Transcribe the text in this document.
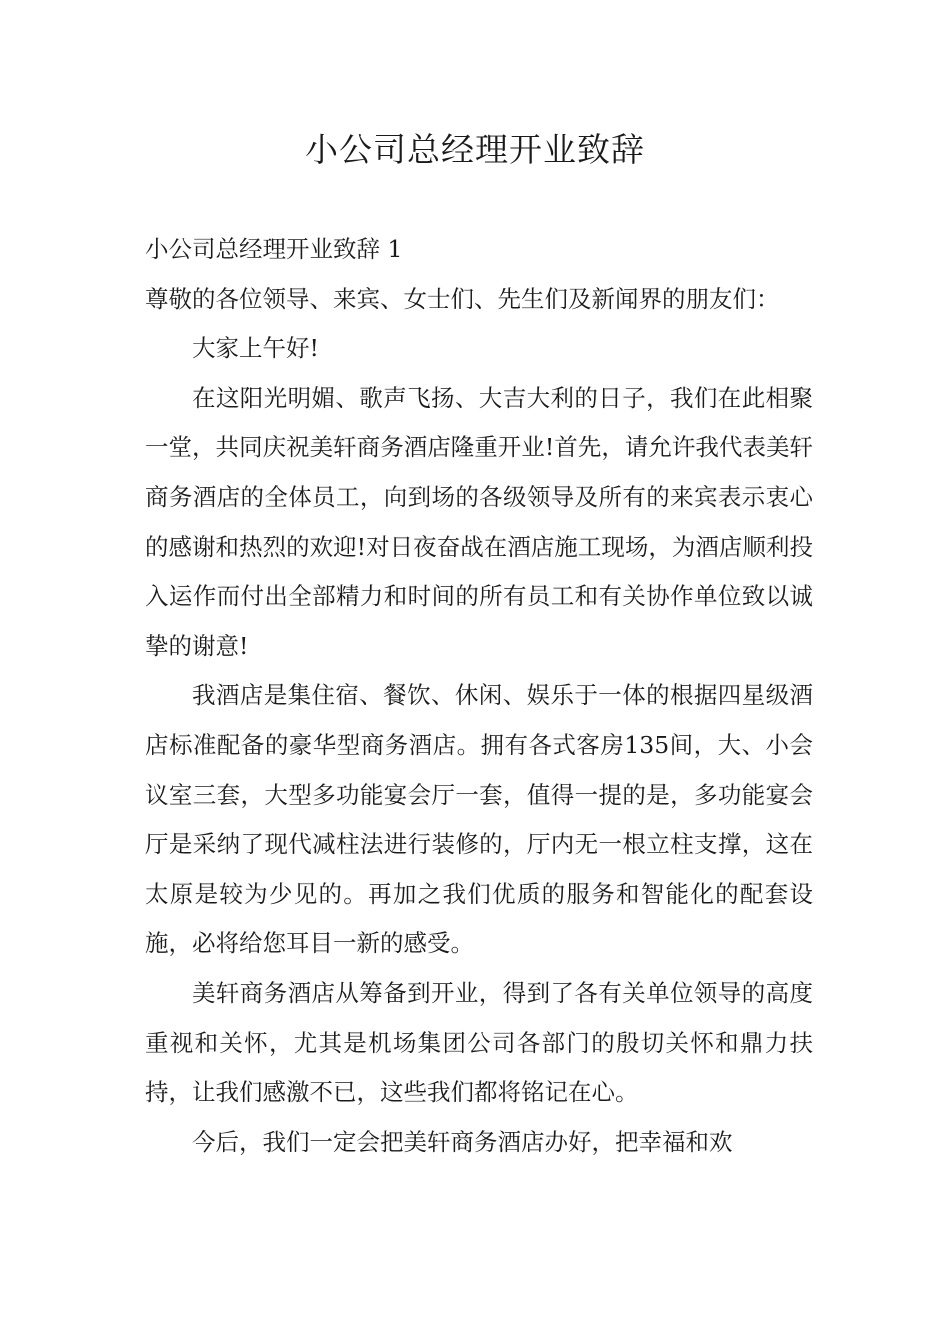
小公司总经理开业致辞

小公司总经理开业致辞 1

尊敬的各位领导、来宾、女士们、先生们及新闻界的朋友们：

大家上午好!

在这阳光明媚、歌声飞扬、大吉大利的日子，我们在此相聚一堂，共同庆祝美轩商务酒店隆重开业!首先，请允许我代表美轩商务酒店的全体员工，向到场的各级领导及所有的来宾表示衷心的感谢和热烈的欢迎!对日夜奋战在酒店施工现场，为酒店顺利投入运作而付出全部精力和时间的所有员工和有关协作单位致以诚挚的谢意!

我酒店是集住宿、餐饮、休闲、娱乐于一体的根据四星级酒店标准配备的豪华型商务酒店。拥有各式客房135间，大、小会议室三套，大型多功能宴会厅一套，值得一提的是，多功能宴会厅是采纳了现代减柱法进行装修的，厅内无一根立柱支撑，这在太原是较为少见的。再加之我们优质的服务和智能化的配套设施，必将给您耳目一新的感受。

美轩商务酒店从筹备到开业，得到了各有关单位领导的高度重视和关怀，尤其是机场集团公司各部门的殷切关怀和鼎力扶持，让我们感激不已，这些我们都将铭记在心。

今后，我们一定会把美轩商务酒店办好，把幸福和欢
